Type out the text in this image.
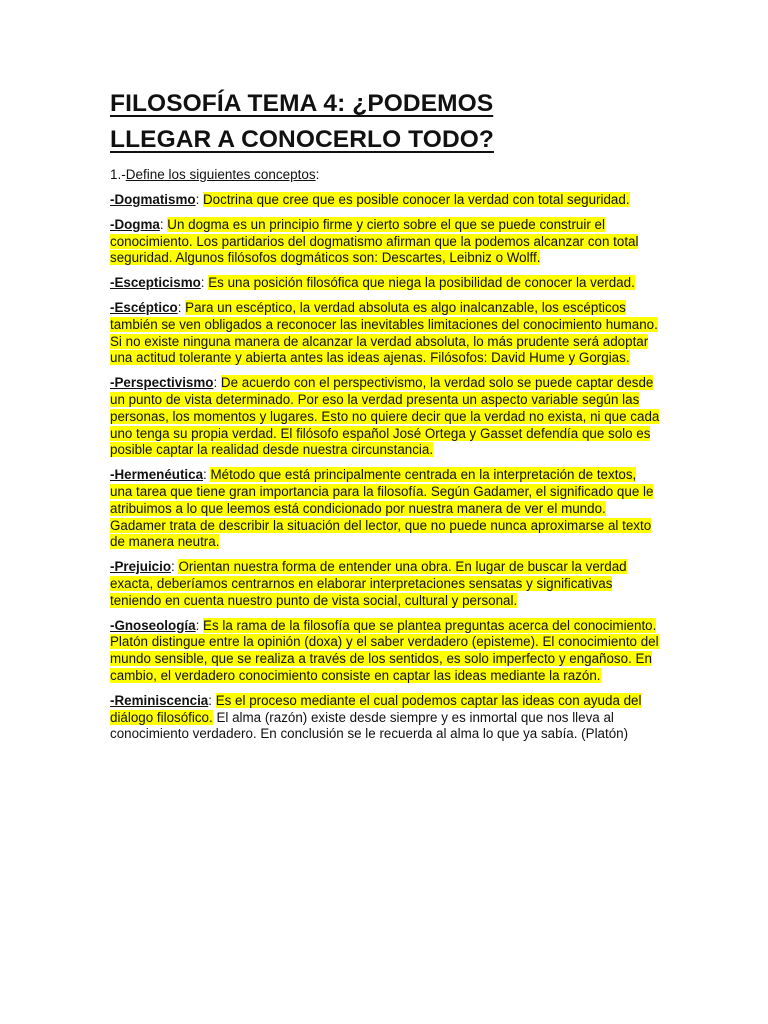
FILOSOFÍA TEMA 4: ¿PODEMOS
LLEGAR A CONOCERLO TODO?

1.-Define los siguientes conceptos:

-Dogmatismo: Doctrina que cree que es posible conocer la verdad con total seguridad.

-Dogma: Un dogma es un principio firme y cierto sobre el que se puede construir el conocimiento. Los partidarios del dogmatismo afirman que la podemos alcanzar con total seguridad. Algunos filósofos dogmáticos son: Descartes, Leibniz o Wolff.

-Escepticismo: Es una posición filosófica que niega la posibilidad de conocer la verdad.

-Escéptico: Para un escéptico, la verdad absoluta es algo inalcanzable, los escépticos también se ven obligados a reconocer las inevitables limitaciones del conocimiento humano. Si no existe ninguna manera de alcanzar la verdad absoluta, lo más prudente será adoptar una actitud tolerante y abierta antes las ideas ajenas. Filósofos: David Hume y Gorgias.

-Perspectivismo: De acuerdo con el perspectivismo, la verdad solo se puede captar desde un punto de vista determinado. Por eso la verdad presenta un aspecto variable según las personas, los momentos y lugares. Esto no quiere decir que la verdad no exista, ni que cada uno tenga su propia verdad. El filósofo español José Ortega y Gasset defendía que solo es posible captar la realidad desde nuestra circunstancia.

-Hermenéutica: Método que está principalmente centrada en la interpretación de textos, una tarea que tiene gran importancia para la filosofía. Según Gadamer, el significado que le atribuimos a lo que leemos está condicionado por nuestra manera de ver el mundo. Gadamer trata de describir la situación del lector, que no puede nunca aproximarse al texto de manera neutra.

-Prejuicio: Orientan nuestra forma de entender una obra. En lugar de buscar la verdad exacta, deberíamos centrarnos en elaborar interpretaciones sensatas y significativas teniendo en cuenta nuestro punto de vista social, cultural y personal.

-Gnoseología: Es la rama de la filosofía que se plantea preguntas acerca del conocimiento. Platón distingue entre la opinión (doxa) y el saber verdadero (episteme). El conocimiento del mundo sensible, que se realiza a través de los sentidos, es solo imperfecto y engañoso. En cambio, el verdadero conocimiento consiste en captar las ideas mediante la razón.

-Reminiscencia: Es el proceso mediante el cual podemos captar las ideas con ayuda del diálogo filosófico. El alma (razón) existe desde siempre y es inmortal que nos lleva al conocimiento verdadero. En conclusión se le recuerda al alma lo que ya sabía. (Platón)
